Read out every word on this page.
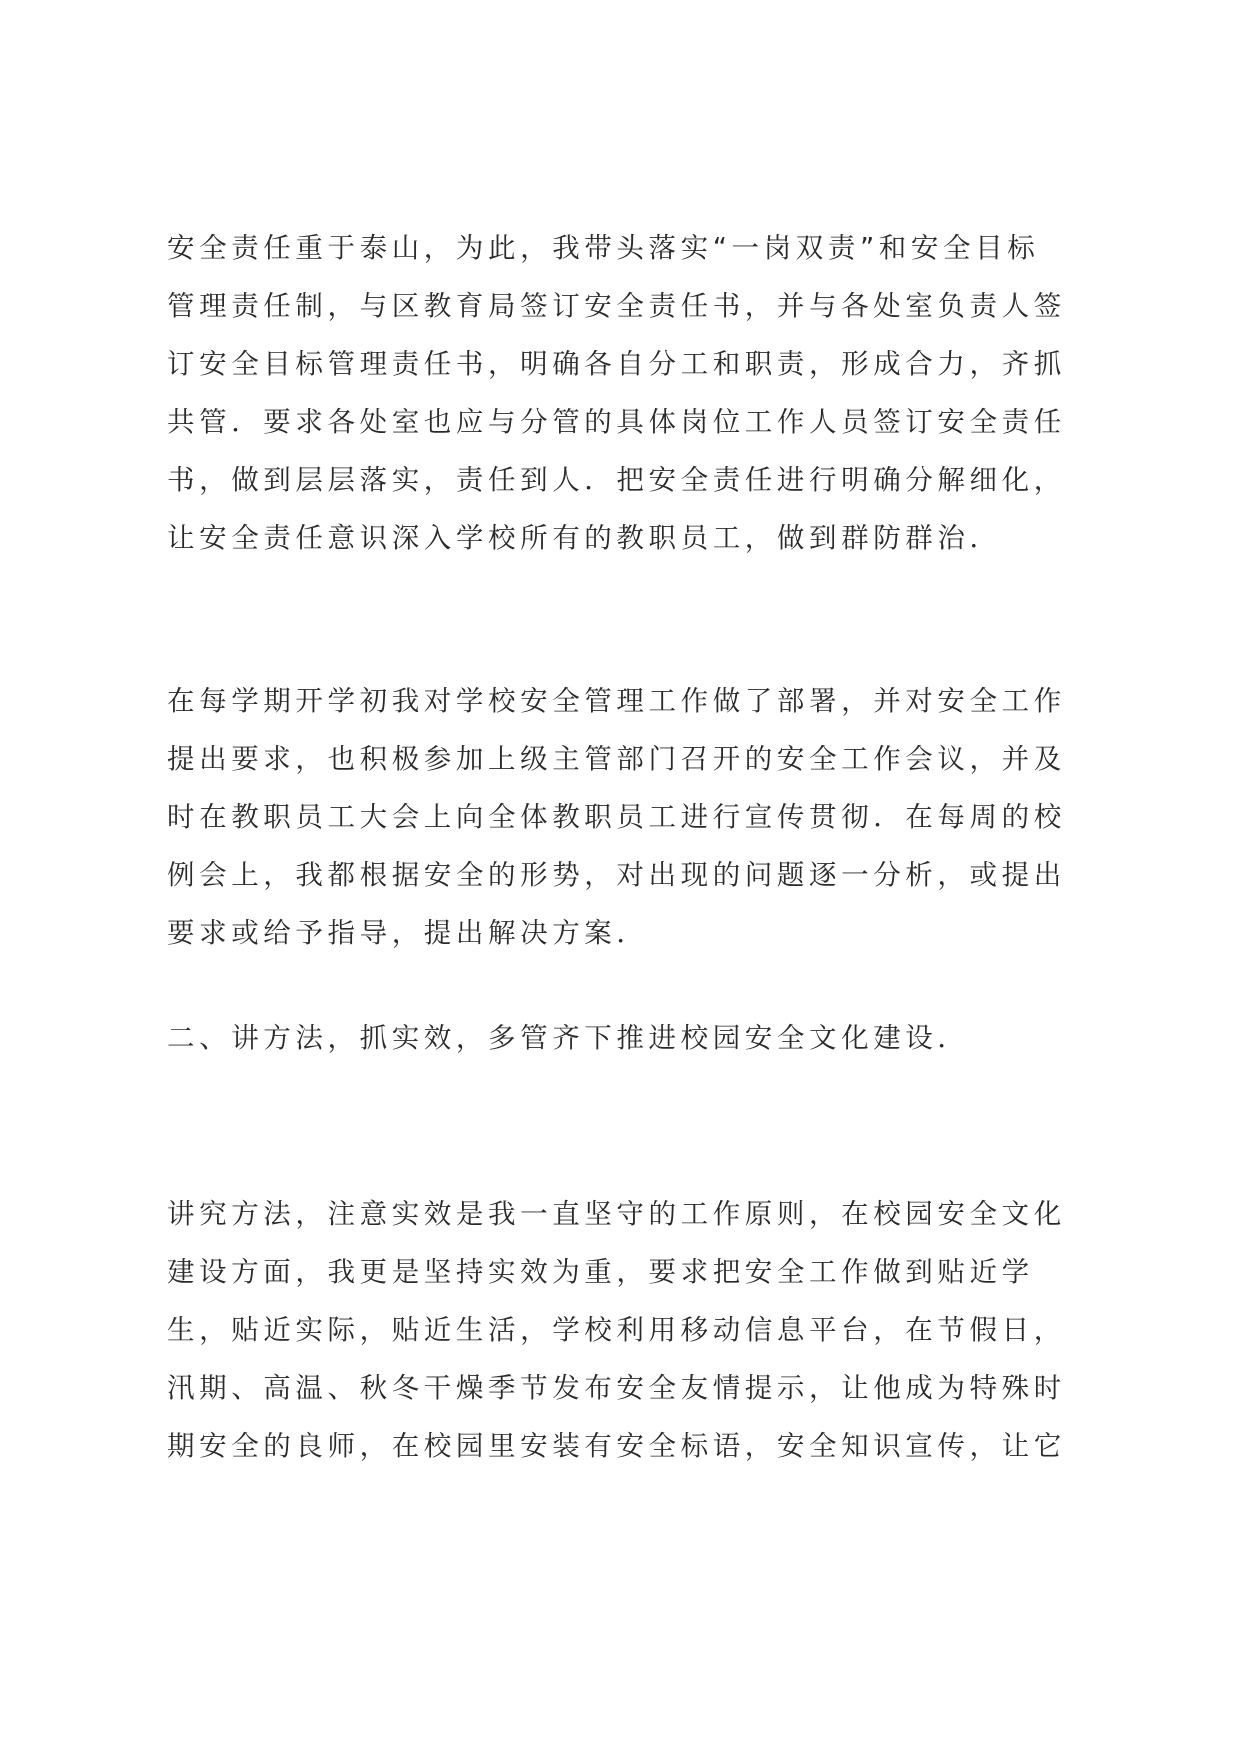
安全责任重于泰山，为此，我带头落实“一岗双责”和安全目标
管理责任制，与区教育局签订安全责任书，并与各处室负责人签
订安全目标管理责任书，明确各自分工和职责，形成合力，齐抓
共管．要求各处室也应与分管的具体岗位工作人员签订安全责任
书，做到层层落实，责任到人．把安全责任进行明确分解细化，
让安全责任意识深入学校所有的教职员工，做到群防群治．
在每学期开学初我对学校安全管理工作做了部署，并对安全工作
提出要求，也积极参加上级主管部门召开的安全工作会议，并及
时在教职员工大会上向全体教职员工进行宣传贯彻．在每周的校
例会上，我都根据安全的形势，对出现的问题逐一分析，或提出
要求或给予指导，提出解决方案．
二、讲方法，抓实效，多管齐下推进校园安全文化建设．
讲究方法，注意实效是我一直坚守的工作原则，在校园安全文化
建设方面，我更是坚持实效为重，要求把安全工作做到贴近学
生，贴近实际，贴近生活，学校利用移动信息平台，在节假日，
汛期、高温、秋冬干燥季节发布安全友情提示，让他成为特殊时
期安全的良师，在校园里安装有安全标语，安全知识宣传，让它
